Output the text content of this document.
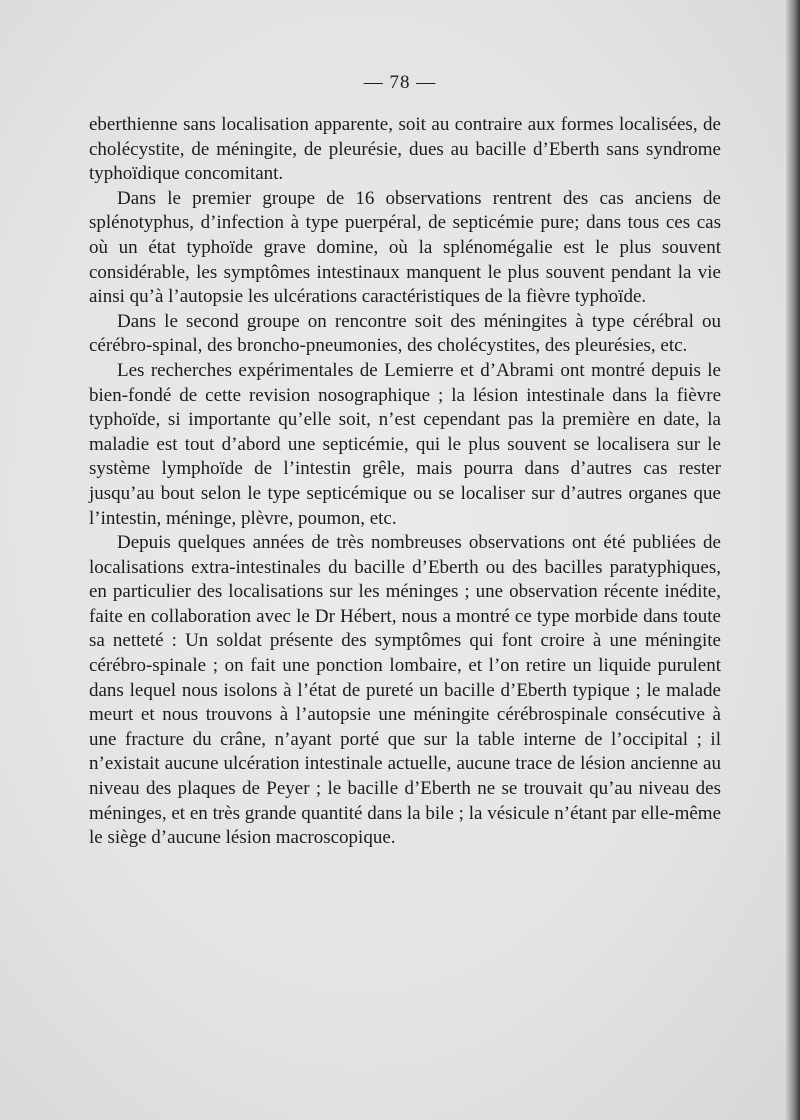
— 78 —

eberthienne sans localisation apparente, soit au contraire aux formes localisées, de cholécystite, de méningite, de pleurésie, dues au bacille d’Eberth sans syndrome typhoïdique concomitant.

Dans le premier groupe de 16 observations rentrent des cas anciens de splénotyphus, d’infection à type puerpéral, de septicémie pure; dans tous ces cas où un état typhoïde grave domine, où la splénomégalie est le plus souvent considérable, les symptômes intestinaux manquent le plus souvent pendant la vie ainsi qu’à l’autopsie les ulcérations caractéristiques de la fièvre typhoïde.

Dans le second groupe on rencontre soit des méningites à type cérébral ou cérébro-spinal, des broncho-pneumonies, des cholécystites, des pleurésies, etc.

Les recherches expérimentales de Lemierre et d’Abrami ont montré depuis le bien-fondé de cette revision nosographique ; la lésion intestinale dans la fièvre typhoïde, si importante qu’elle soit, n’est cependant pas la première en date, la maladie est tout d’abord une septicémie, qui le plus souvent se localisera sur le système lymphoïde de l’intestin grêle, mais pourra dans d’autres cas rester jusqu’au bout selon le type septicémique ou se localiser sur d’autres organes que l’intestin, méninge, plèvre, poumon, etc.

Depuis quelques années de très nombreuses observations ont été publiées de localisations extra-intestinales du bacille d’Eberth ou des bacilles paratyphiques, en particulier des localisations sur les méninges ; une observation récente inédite, faite en collaboration avec le Dr Hébert, nous a montré ce type morbide dans toute sa netteté : Un soldat présente des symptômes qui font croire à une méningite cérébro-spinale ; on fait une ponction lombaire, et l’on retire un liquide purulent dans lequel nous isolons à l’état de pureté un bacille d’Eberth typique ; le malade meurt et nous trouvons à l’autopsie une méningite cérébrospinale consécutive à une fracture du crâne, n’ayant porté que sur la table interne de l’occipital ; il n’existait aucune ulcération intestinale actuelle, aucune trace de lésion ancienne au niveau des plaques de Peyer ; le bacille d’Eberth ne se trouvait qu’au niveau des méninges, et en très grande quantité dans la bile ; la vésicule n’étant par elle-même le siège d’aucune lésion macroscopique.
